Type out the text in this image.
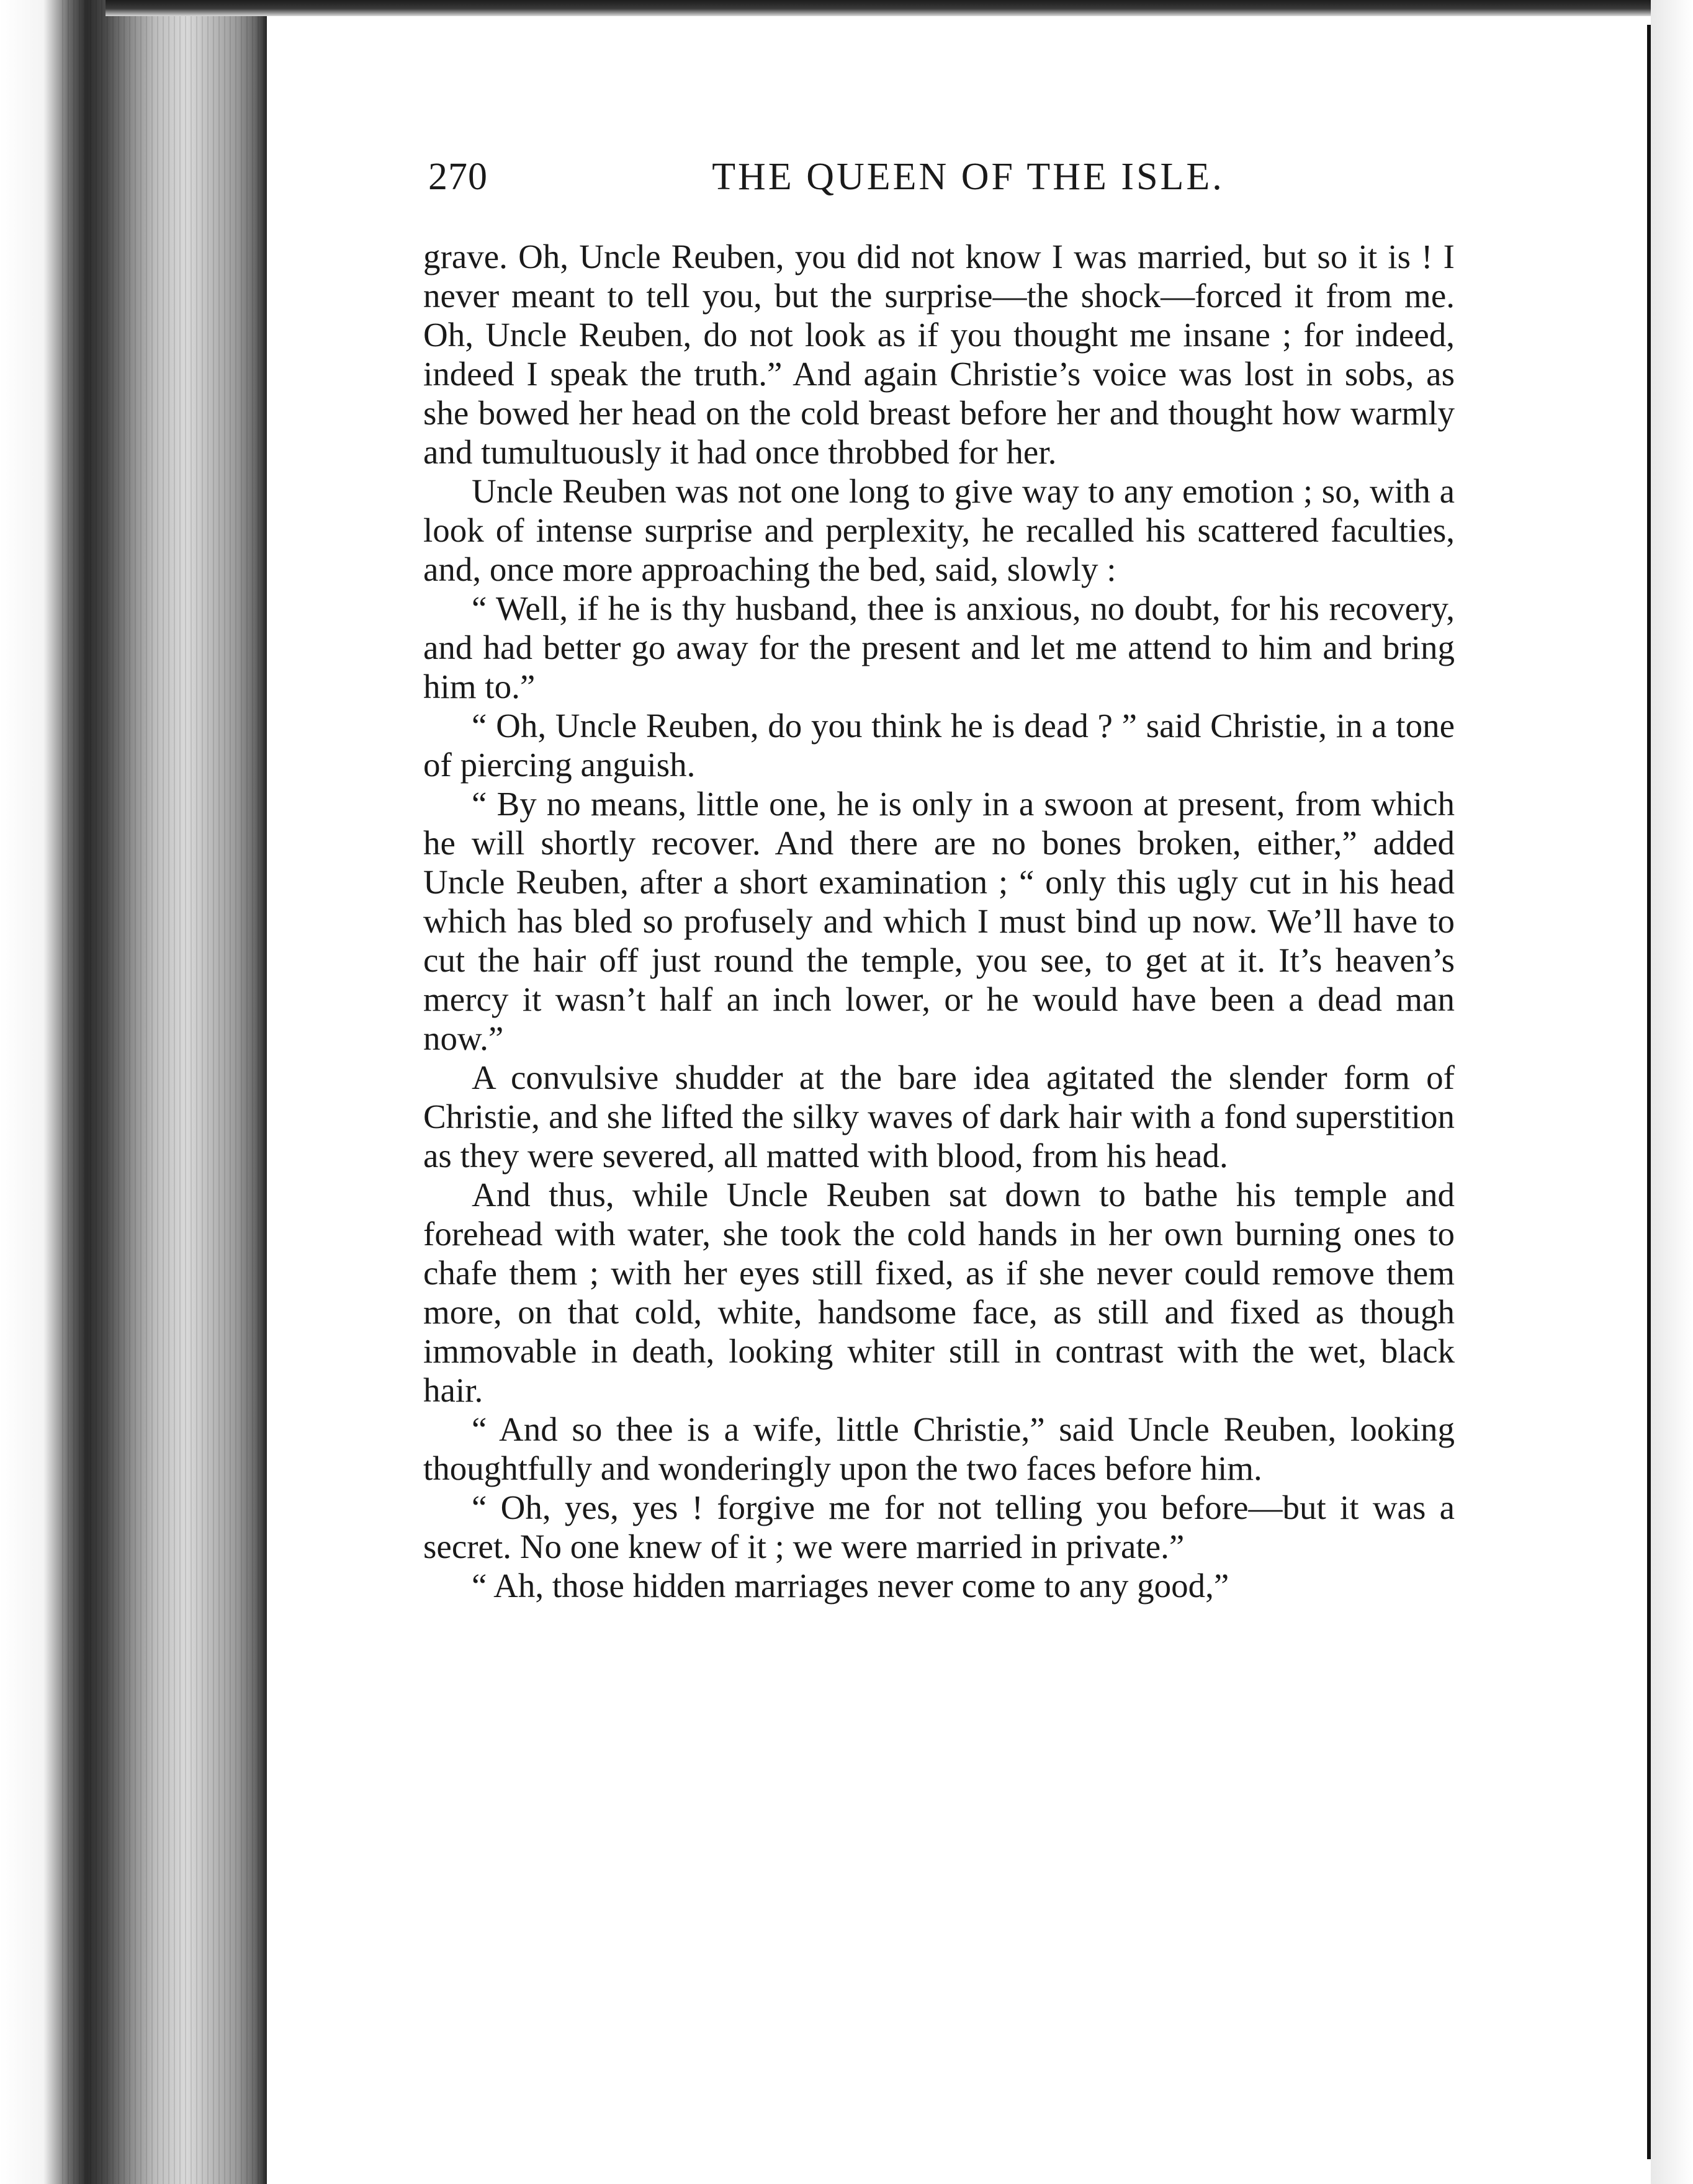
270	THE QUEEN OF THE ISLE.

grave. Oh, Uncle Reuben, you did not know I was married, but so it is ! I never meant to tell you, but the surprise—the shock—forced it from me. Oh, Uncle Reuben, do not look as if you thought me insane ; for indeed, indeed I speak the truth.” And again Christie’s voice was lost in sobs, as she bowed her head on the cold breast before her and thought how warmly and tumultuously it had once throbbed for her.

Uncle Reuben was not one long to give way to any emotion ; so, with a look of intense surprise and perplexity, he recalled his scattered faculties, and, once more approaching the bed, said, slowly :

“ Well, if he is thy husband, thee is anxious, no doubt, for his recovery, and had better go away for the present and let me attend to him and bring him to.”

“ Oh, Uncle Reuben, do you think he is dead ? ” said Christie, in a tone of piercing anguish.

“ By no means, little one, he is only in a swoon at present, from which he will shortly recover. And there are no bones broken, either,” added Uncle Reuben, after a short examination ; “ only this ugly cut in his head which has bled so profusely and which I must bind up now. We’ll have to cut the hair off just round the temple, you see, to get at it. It’s heaven’s mercy it wasn’t half an inch lower, or he would have been a dead man now.”

A convulsive shudder at the bare idea agitated the slender form of Christie, and she lifted the silky waves of dark hair with a fond superstition as they were severed, all matted with blood, from his head.

And thus, while Uncle Reuben sat down to bathe his temple and forehead with water, she took the cold hands in her own burning ones to chafe them ; with her eyes still fixed, as if she never could remove them more, on that cold, white, handsome face, as still and fixed as though immovable in death, looking whiter still in contrast with the wet, black hair.

“ And so thee is a wife, little Christie,” said Uncle Reuben, looking thoughtfully and wonderingly upon the two faces before him.

“ Oh, yes, yes ! forgive me for not telling you before—but it was a secret. No one knew of it ; we were married in private.”

“ Ah, those hidden marriages never come to any good,”
